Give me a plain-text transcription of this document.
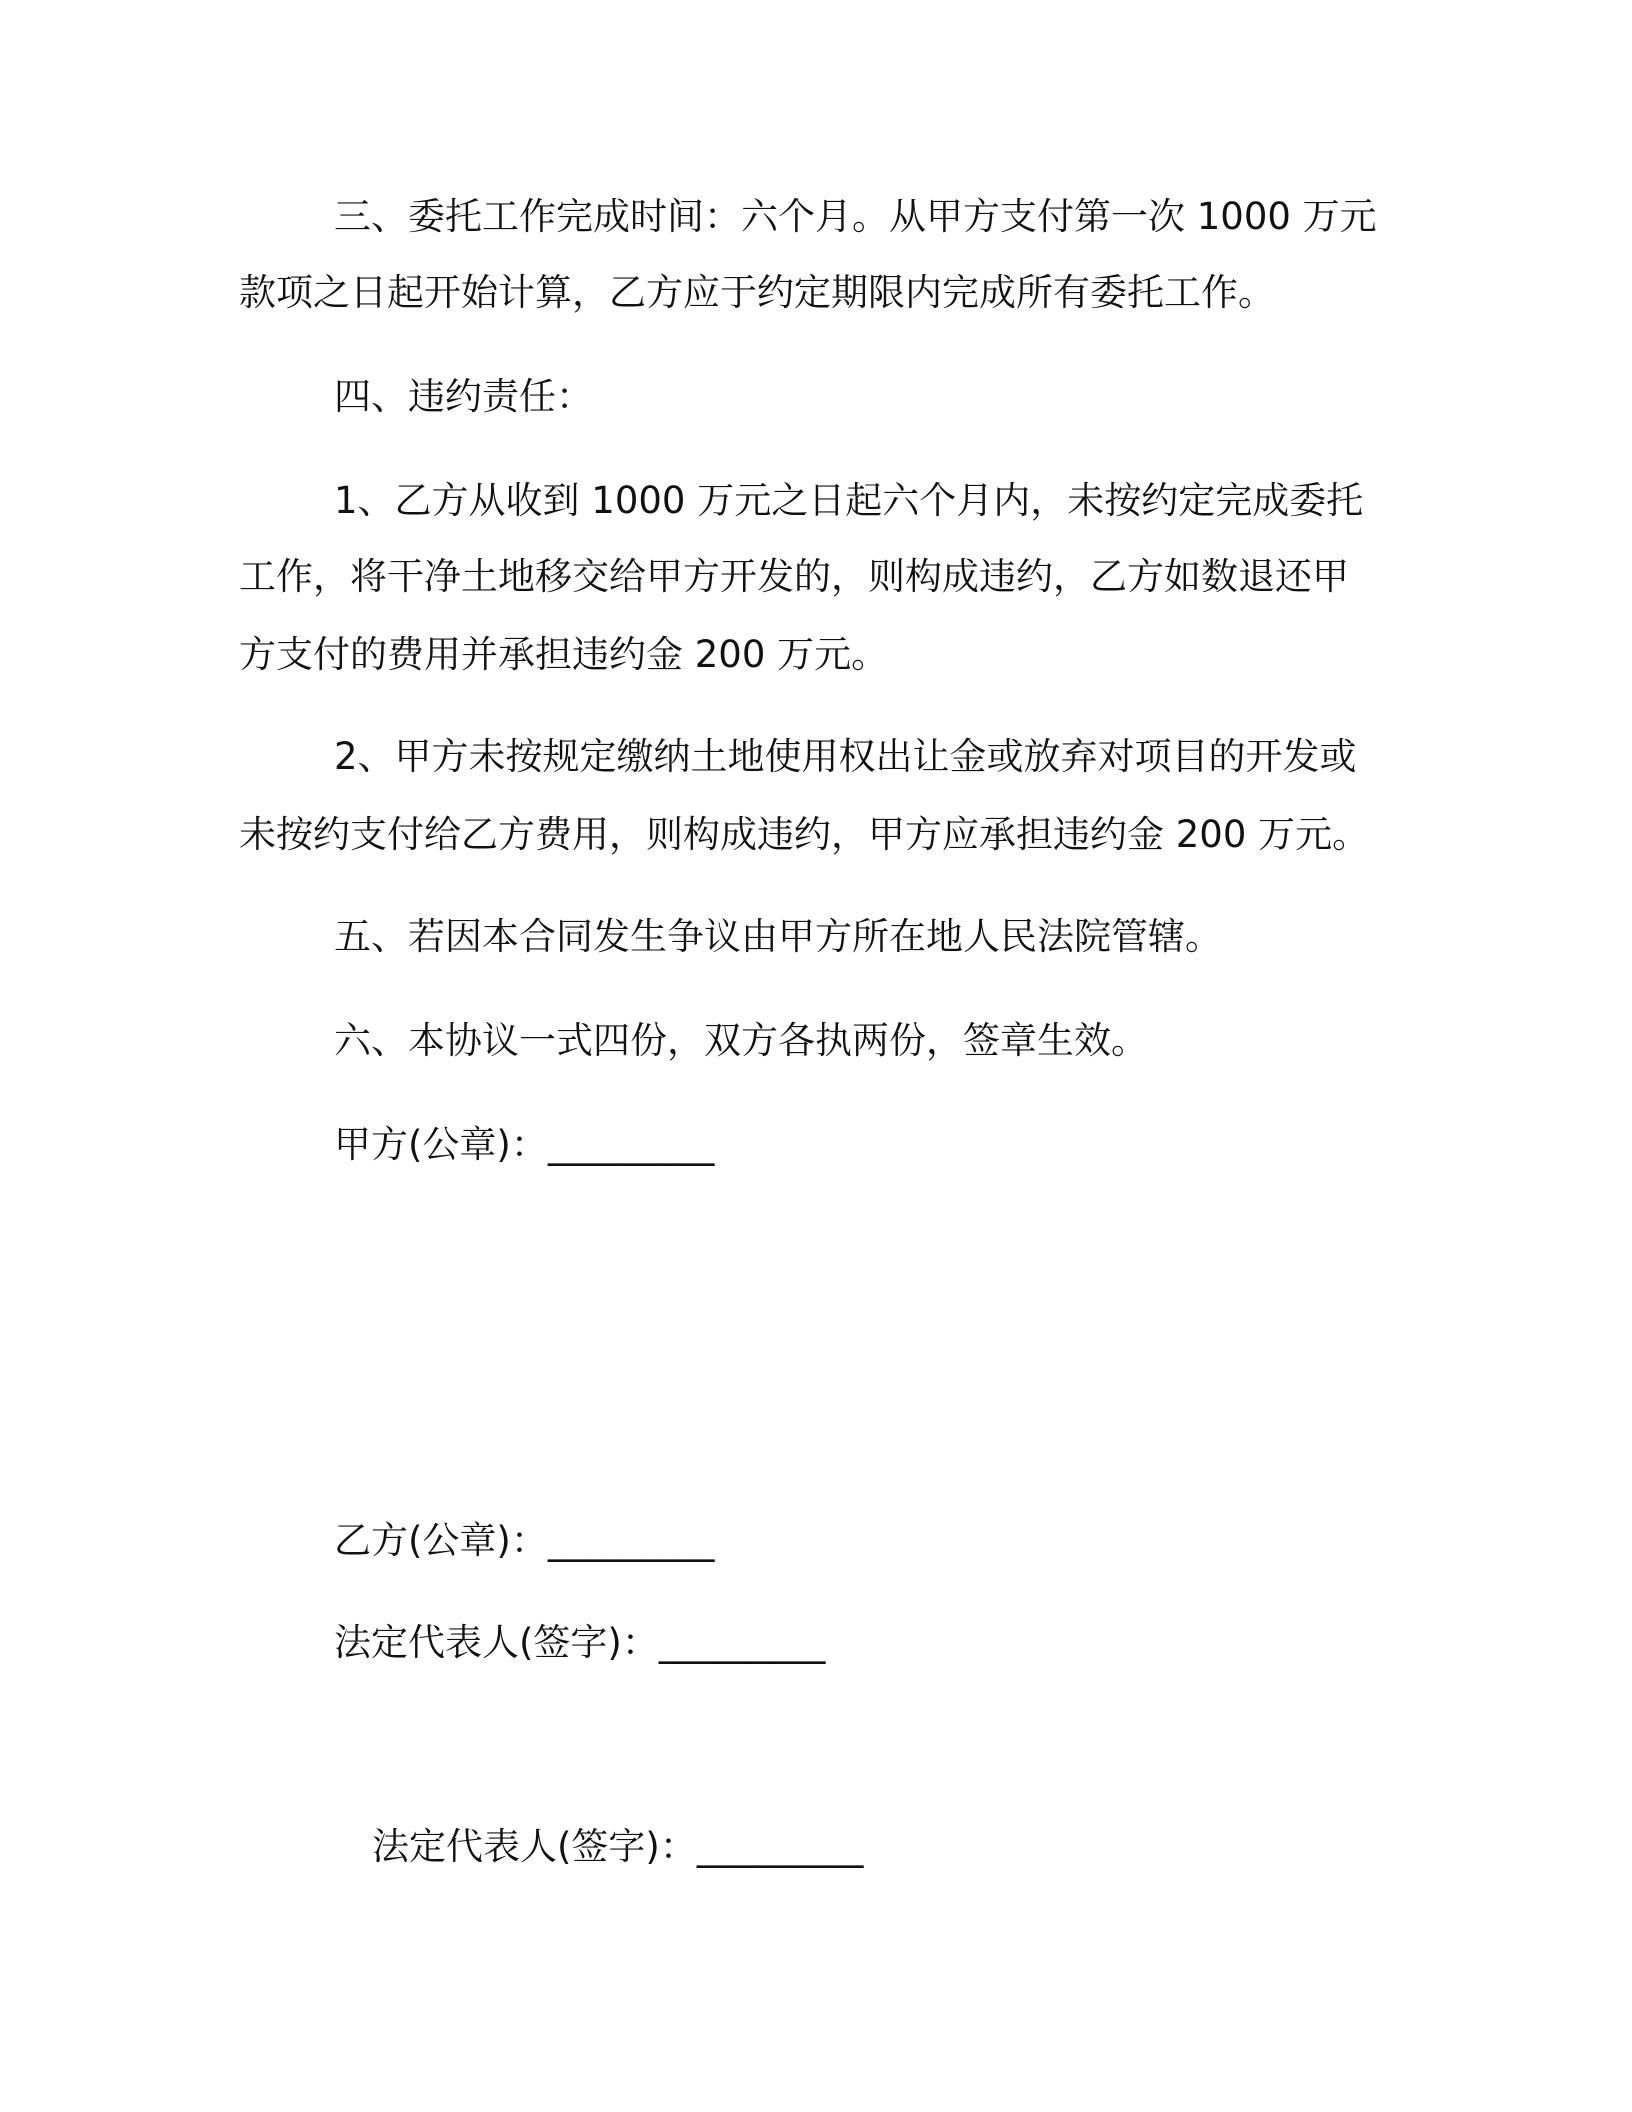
三、委托工作完成时间：六个月。从甲方支付第一次 1000 万元
款项之日起开始计算，乙方应于约定期限内完成所有委托工作。
四、违约责任：
1、乙方从收到 1000 万元之日起六个月内，未按约定完成委托
工作，将干净土地移交给甲方开发的，则构成违约，乙方如数退还甲
方支付的费用并承担违约金 200 万元。
2、甲方未按规定缴纳土地使用权出让金或放弃对项目的开发或
未按约支付给乙方费用，则构成违约，甲方应承担违约金 200 万元。
五、若因本合同发生争议由甲方所在地人民法院管辖。
六、本协议一式四份，双方各执两份，签章生效。
甲方(公章)：_________
乙方(公章)：_________
法定代表人(签字)：_________
法定代表人(签字)：_________
